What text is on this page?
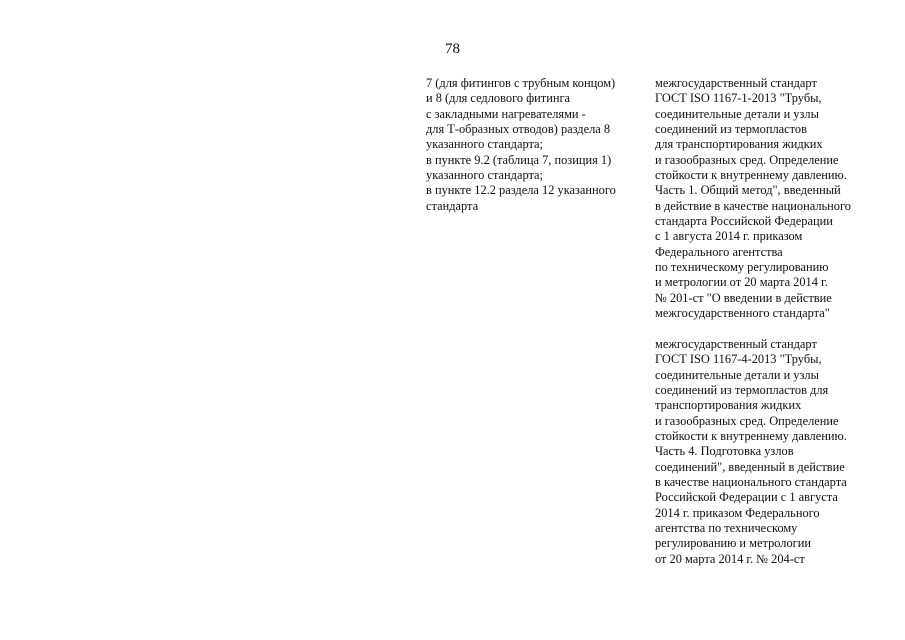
78
7 (для фитингов с трубным концом)
и 8 (для седлового фитинга
с закладными нагревателями -
для Т-образных отводов) раздела 8
указанного стандарта;
в пункте 9.2 (таблица 7, позиция 1)
указанного стандарта;
в пункте 12.2 раздела 12 указанного
стандарта
межгосударственный стандарт
ГОСТ ISO 1167-1-2013 "Трубы,
соединительные детали и узлы
соединений из термопластов
для транспортирования жидких
и газообразных сред. Определение
стойкости к внутреннему давлению.
Часть 1. Общий метод", введенный
в действие в качестве национального
стандарта Российской Федерации
с 1 августа 2014 г. приказом
Федерального агентства
по техническому регулированию
и метрологии от 20 марта 2014 г.
№ 201-ст "О введении в действие
межгосударственного стандарта"
межгосударственный стандарт
ГОСТ ISO 1167-4-2013 "Трубы,
соединительные детали и узлы
соединений из термопластов для
транспортирования жидких
и газообразных сред. Определение
стойкости к внутреннему давлению.
Часть 4. Подготовка узлов
соединений", введенный в действие
в качестве национального стандарта
Российской Федерации с 1 августа
2014 г. приказом Федерального
агентства по техническому
регулированию и метрологии
от 20 марта 2014 г. № 204-ст
